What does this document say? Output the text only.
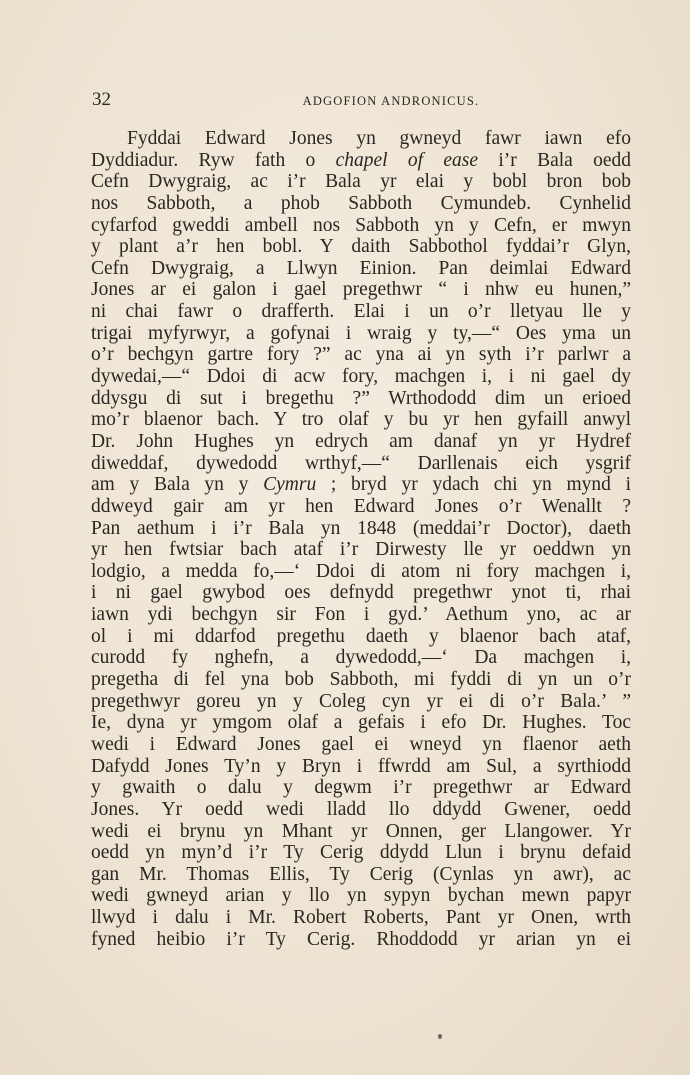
32	ADGOFION ANDRONICUS.
Fyddai Edward Jones yn gwneyd fawr iawn efo
Dyddiadur. Ryw fath o chapel of ease i’r Bala oedd
Cefn Dwygraig, ac i’r Bala yr elai y bobl bron bob
nos Sabboth, a phob Sabboth Cymundeb. Cynhelid
cyfarfod gweddi ambell nos Sabboth yn y Cefn, er mwyn
y plant a’r hen bobl. Y daith Sabbothol fyddai’r Glyn,
Cefn Dwygraig, a Llwyn Einion. Pan deimlai Edward
Jones ar ei galon i gael pregethwr “ i nhw eu hunen,”
ni chai fawr o drafferth. Elai i un o’r lletyau lle y
trigai myfyrwyr, a gofynai i wraig y ty,—“ Oes yma un
o’r bechgyn gartre fory ?” ac yna ai yn syth i’r parlwr a
dywedai,—“ Ddoi di acw fory, machgen i, i ni gael dy
ddysgu di sut i bregethu ?” Wrthododd dim un erioed
mo’r blaenor bach. Y tro olaf y bu yr hen gyfaill anwyl
Dr. John Hughes yn edrych am danaf yn yr Hydref
diweddaf, dywedodd wrthyf,—“ Darllenais eich ysgrif
am y Bala yn y Cymru ; bryd yr ydach chi yn mynd i
ddweyd gair am yr hen Edward Jones o’r Wenallt ?
Pan aethum i i’r Bala yn 1848 (meddai’r Doctor), daeth
yr hen fwtsiar bach ataf i’r Dirwesty lle yr oeddwn yn
lodgio, a medda fo,—‘ Ddoi di atom ni fory machgen i,
i ni gael gwybod oes defnydd pregethwr ynot ti, rhai
iawn ydi bechgyn sir Fon i gyd.’ Aethum yno, ac ar
ol i mi ddarfod pregethu daeth y blaenor bach ataf,
curodd fy nghefn, a dywedodd,—‘ Da machgen i,
pregetha di fel yna bob Sabboth, mi fyddi di yn un o’r
pregethwyr goreu yn y Coleg cyn yr ei di o’r Bala.’ ”
Ie, dyna yr ymgom olaf a gefais i efo Dr. Hughes. Toc
wedi i Edward Jones gael ei wneyd yn flaenor aeth
Dafydd Jones Ty’n y Bryn i ffwrdd am Sul, a syrthiodd
y gwaith o dalu y degwm i’r pregethwr ar Edward
Jones. Yr oedd wedi lladd llo ddydd Gwener, oedd
wedi ei brynu yn Mhant yr Onnen, ger Llangower. Yr
oedd yn myn’d i’r Ty Cerig ddydd Llun i brynu defaid
gan Mr. Thomas Ellis, Ty Cerig (Cynlas yn awr), ac
wedi gwneyd arian y llo yn sypyn bychan mewn papyr
llwyd i dalu i Mr. Robert Roberts, Pant yr Onen, wrth
fyned heibio i’r Ty Cerig. Rhoddodd yr arian yn ei
